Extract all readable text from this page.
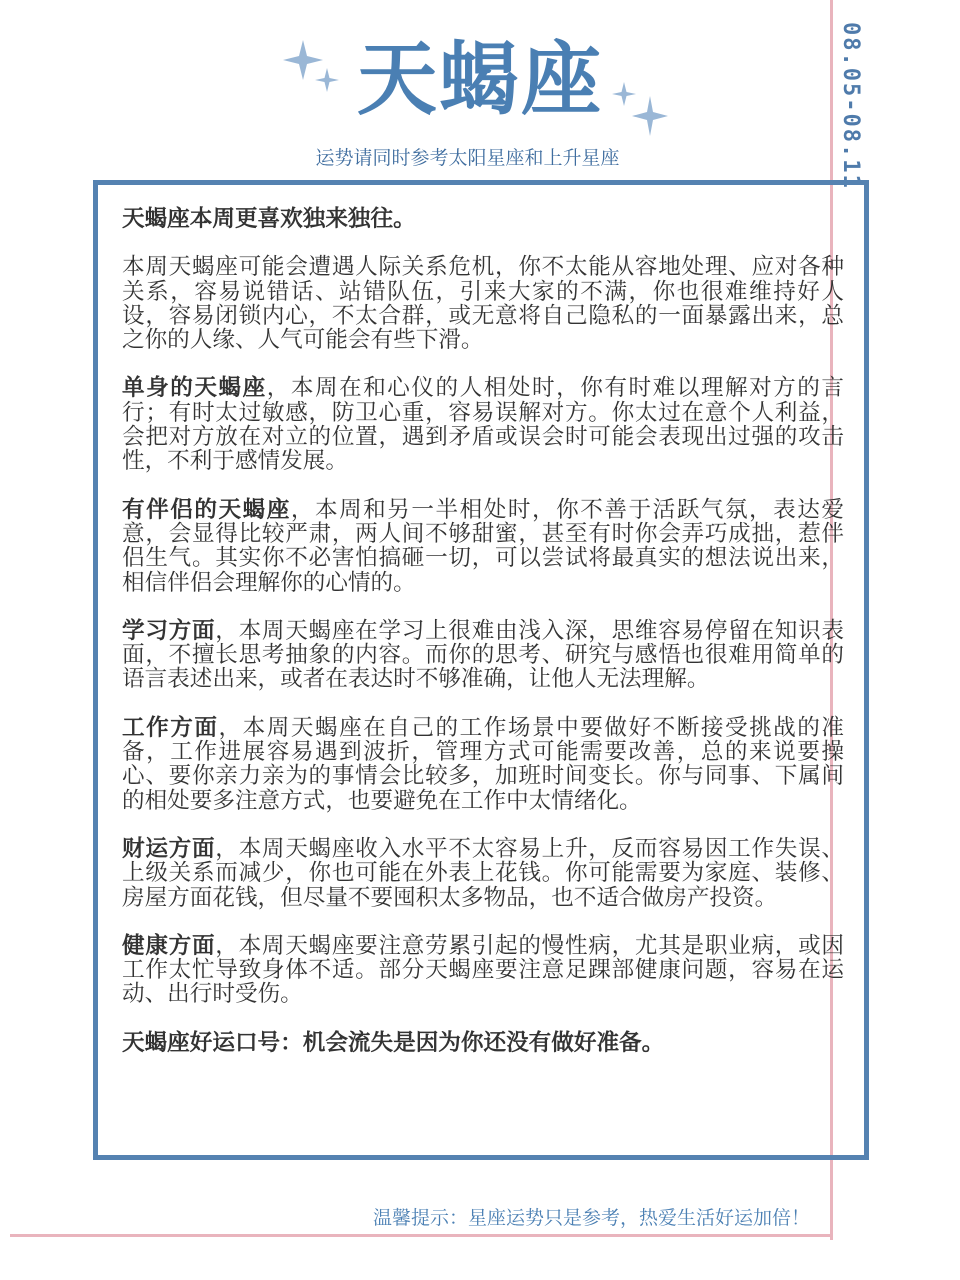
08.05-08.11
天蝎座
运势请同时参考太阳星座和上升星座

天蝎座本周更喜欢独来独往。

本周天蝎座可能会遭遇人际关系危机，你不太能从容地处理、应对各种关系，容易说错话、站错队伍，引来大家的不满，你也很难维持好人设，容易闭锁内心，不太合群，或无意将自己隐私的一面暴露出来，总之你的人缘、人气可能会有些下滑。

单身的天蝎座，本周在和心仪的人相处时，你有时难以理解对方的言行；有时太过敏感，防卫心重，容易误解对方。你太过在意个人利益，会把对方放在对立的位置，遇到矛盾或误会时可能会表现出过强的攻击性，不利于感情发展。

有伴侣的天蝎座，本周和另一半相处时，你不善于活跃气氛，表达爱意，会显得比较严肃，两人间不够甜蜜，甚至有时你会弄巧成拙，惹伴侣生气。其实你不必害怕搞砸一切，可以尝试将最真实的想法说出来，相信伴侣会理解你的心情的。

学习方面，本周天蝎座在学习上很难由浅入深，思维容易停留在知识表面，不擅长思考抽象的内容。而你的思考、研究与感悟也很难用简单的语言表述出来，或者在表达时不够准确，让他人无法理解。

工作方面，本周天蝎座在自己的工作场景中要做好不断接受挑战的准备，工作进展容易遇到波折，管理方式可能需要改善，总的来说要操心、要你亲力亲为的事情会比较多，加班时间变长。你与同事、下属间的相处要多注意方式，也要避免在工作中太情绪化。

财运方面，本周天蝎座收入水平不太容易上升，反而容易因工作失误、上级关系而减少，你也可能在外表上花钱。你可能需要为家庭、装修、房屋方面花钱，但尽量不要囤积太多物品，也不适合做房产投资。

健康方面，本周天蝎座要注意劳累引起的慢性病，尤其是职业病，或因工作太忙导致身体不适。部分天蝎座要注意足踝部健康问题，容易在运动、出行时受伤。

天蝎座好运口号：机会流失是因为你还没有做好准备。

温馨提示：星座运势只是参考，热爱生活好运加倍！
